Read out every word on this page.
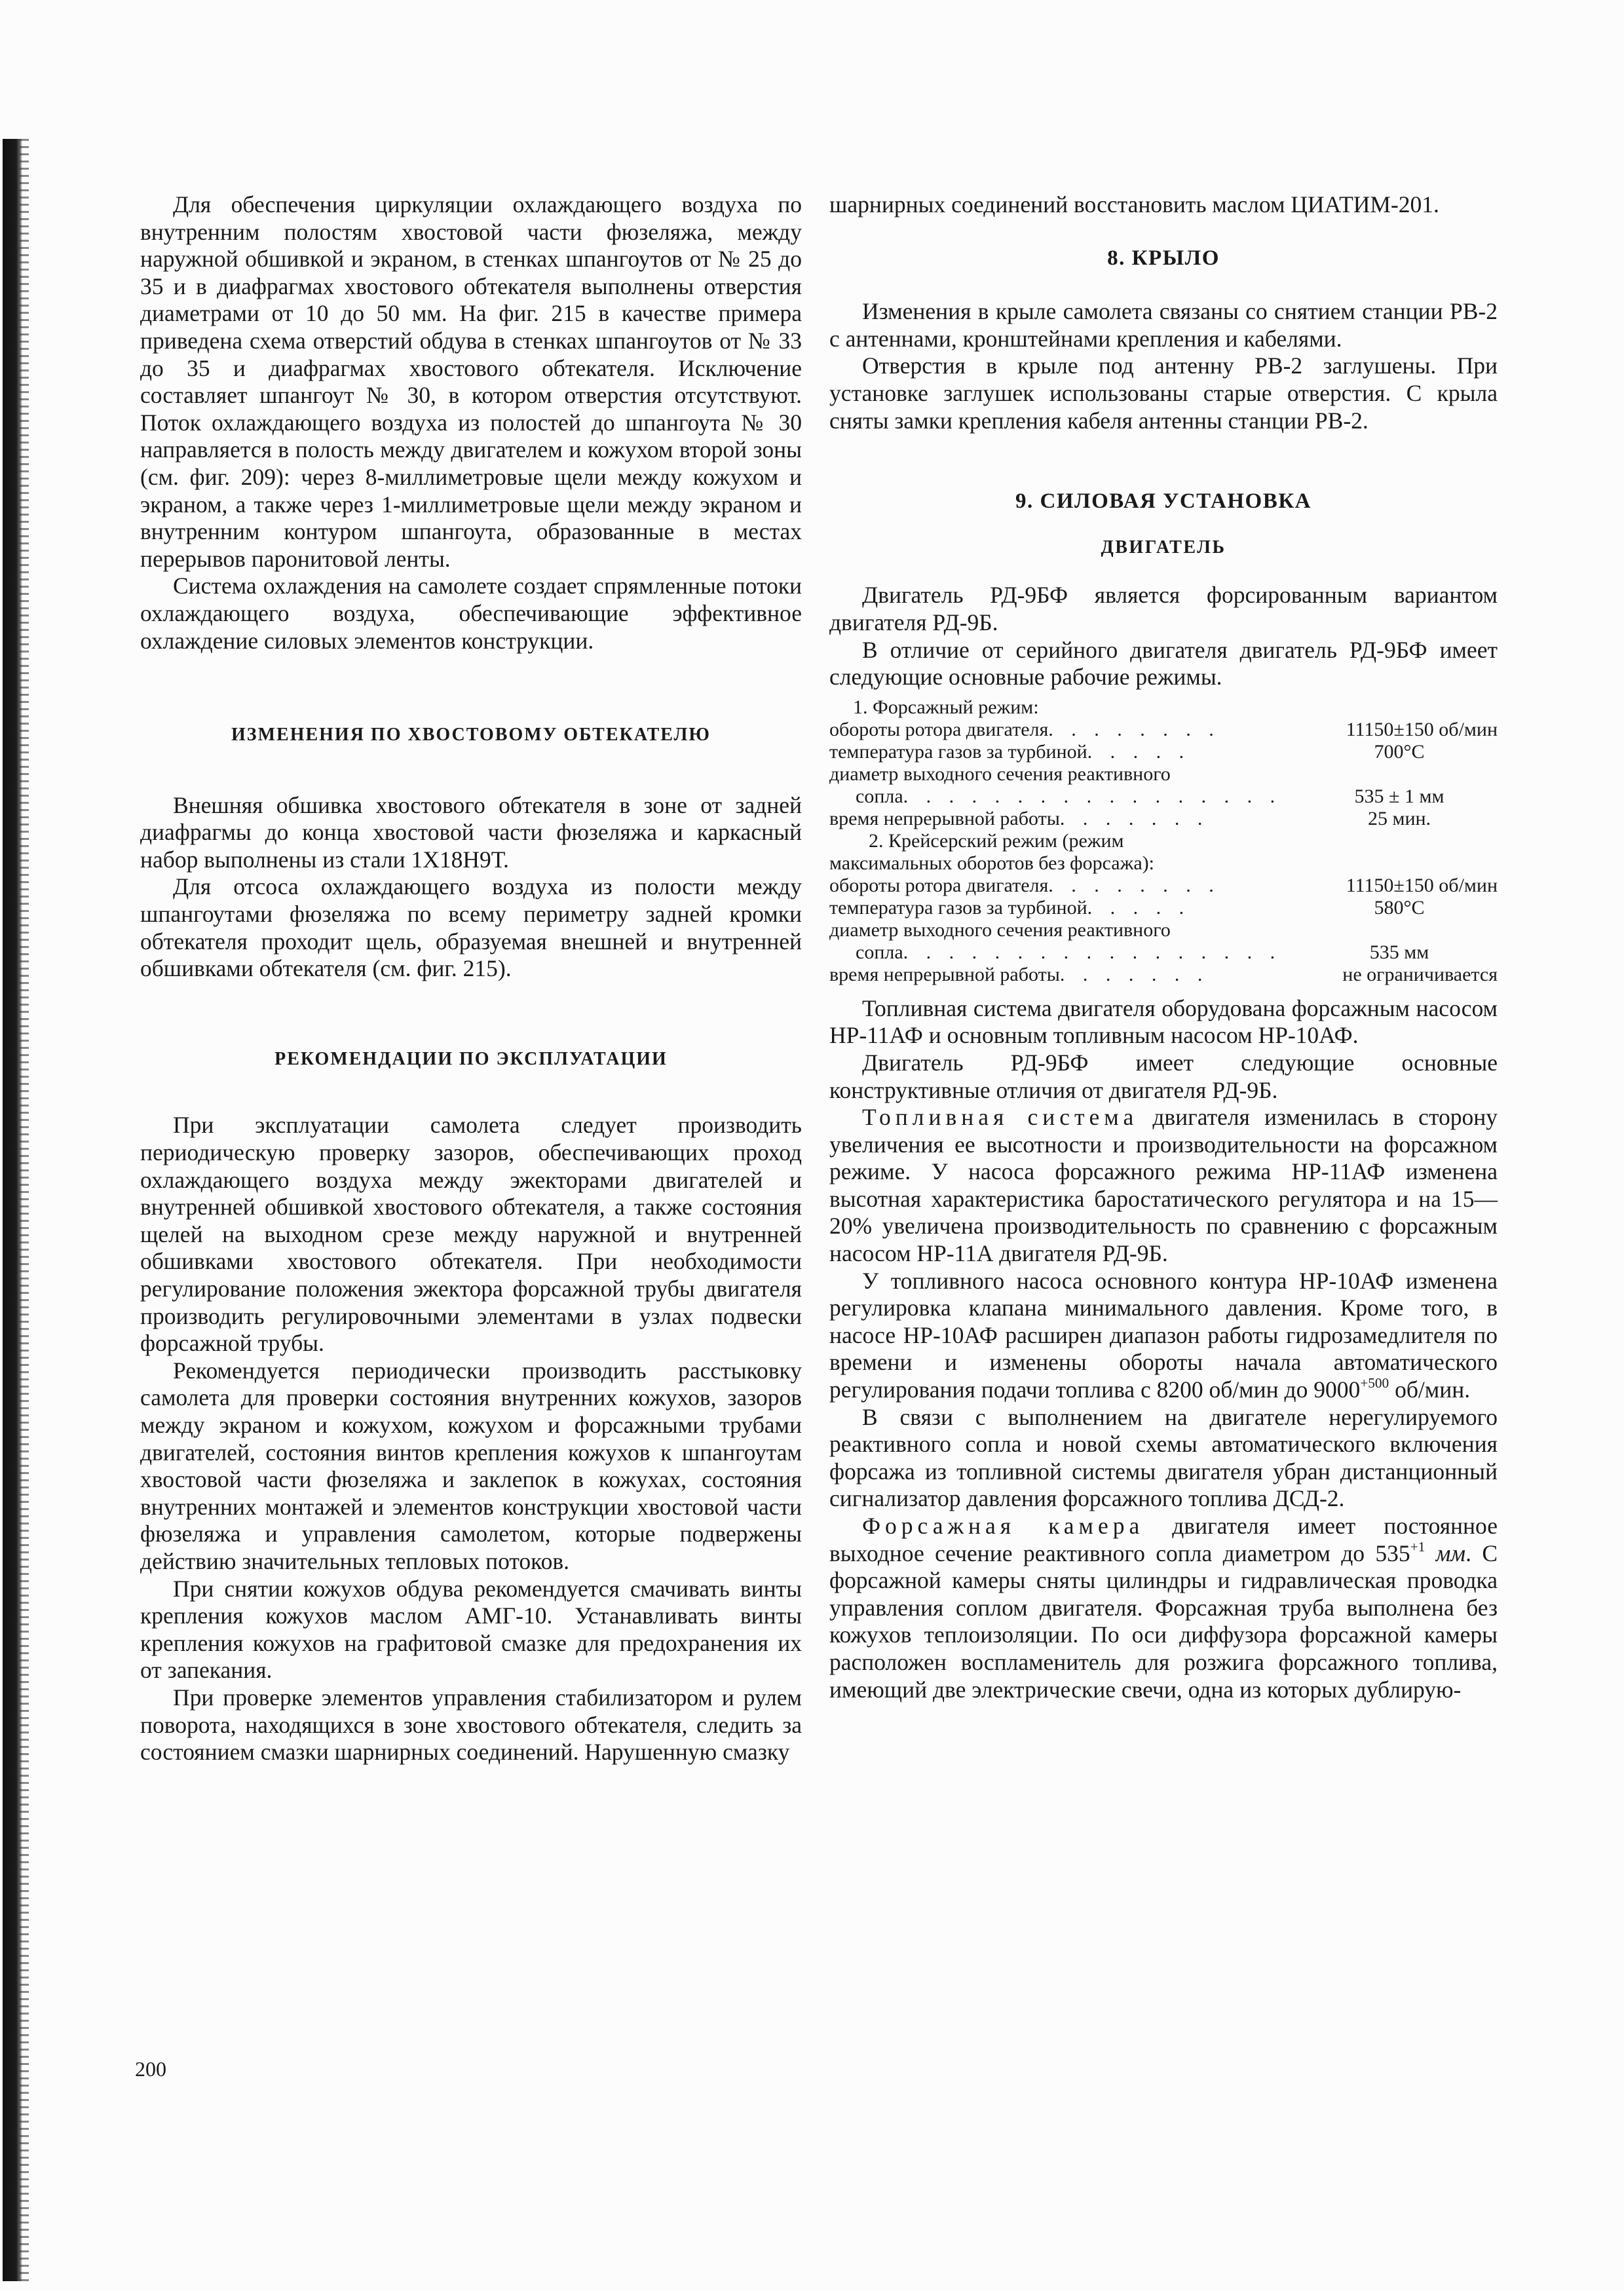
Для обеспечения циркуляции охлаждающего воздуха по внутренним полостям хвостовой части фюзеляжа, между наружной обшивкой и экраном, в стенках шпангоутов от № 25 до 35 и в диафрагмах хвостового обтекателя выполнены отверстия диаметрами от 10 до 50 мм. На фиг. 215 в качестве примера приведена схема отверстий обдува в стенках шпангоутов от № 33 до 35 и диафрагмах хвостового обтекателя. Исключение составляет шпангоут № 30, в котором отверстия отсутствуют. Поток охлаждающего воздуха из полостей до шпангоута № 30 направляется в полость между двигателем и кожухом второй зоны (см. фиг. 209): через 8-миллиметровые щели между кожухом и экраном, а также через 1-миллиметровые щели между экраном и внутренним контуром шпангоута, образованные в местах перерывов паронитовой ленты.

Система охлаждения на самолете создает спрямленные потоки охлаждающего воздуха, обеспечивающие эффективное охлаждение силовых элементов конструкции.

ИЗМЕНЕНИЯ ПО ХВОСТОВОМУ ОБТЕКАТЕЛЮ

Внешняя обшивка хвостового обтекателя в зоне от задней диафрагмы до конца хвостовой части фюзеляжа и каркасный набор выполнены из стали 1Х18Н9Т.

Для отсоса охлаждающего воздуха из полости между шпангоутами фюзеляжа по всему периметру задней кромки обтекателя проходит щель, образуемая внешней и внутренней обшивками обтекателя (см. фиг. 215).

РЕКОМЕНДАЦИИ ПО ЭКСПЛУАТАЦИИ

При эксплуатации самолета следует производить периодическую проверку зазоров, обеспечивающих проход охлаждающего воздуха между эжекторами двигателей и внутренней обшивкой хвостового обтекателя, а также состояния щелей на выходном срезе между наружной и внутренней обшивками хвостового обтекателя. При необходимости регулирование положения эжектора форсажной трубы двигателя производить регулировочными элементами в узлах подвески форсажной трубы.

Рекомендуется периодически производить расстыковку самолета для проверки состояния внутренних кожухов, зазоров между экраном и кожухом, кожухом и форсажными трубами двигателей, состояния винтов крепления кожухов к шпангоутам хвостовой части фюзеляжа и заклепок в кожухах, состояния внутренних монтажей и элементов конструкции хвостовой части фюзеляжа и управления самолетом, которые подвержены действию значительных тепловых потоков.

При снятии кожухов обдува рекомендуется смачивать винты крепления кожухов маслом АМГ-10. Устанавливать винты крепления кожухов на графитовой смазке для предохранения их от запекания.

При проверке элементов управления стабилизатором и рулем поворота, находящихся в зоне хвостового обтекателя, следить за состоянием смазки шарнирных соединений. Нарушенную смазку

шарнирных соединений восстановить маслом ЦИАТИМ-201.

8. КРЫЛО

Изменения в крыле самолета связаны со снятием станции РВ-2 с антеннами, кронштейнами крепления и кабелями.

Отверстия в крыле под антенну РВ-2 заглушены. При установке заглушек использованы старые отверстия. С крыла сняты замки крепления кабеля антенны станции РВ-2.

9. СИЛОВАЯ УСТАНОВКА
ДВИГАТЕЛЬ

Двигатель РД-9БФ является форсированным вариантом двигателя РД-9Б.

В отличие от серийного двигателя двигатель РД-9БФ имеет следующие основные рабочие режимы.

1. Форсажный режим:
обороты ротора двигателя . . . . . . . .	11150±150 об/мин
температура газов за турбиной . . . . .	700°C
диаметр выходного сечения реактивного
сопла . . . . . . . . . . . . . . . . .	535 ± 1 мм
время непрерывной работы . . . . . . .	25 мин.
2. Крейсерский режим (режим максимальных оборотов без форсажа):
обороты ротора двигателя . . . . . . . .	11150±150 об/мин
температура газов за турбиной . . . . .	580°C
диаметр выходного сечения реактивного
сопла . . . . . . . . . . . . . . . . .	535 мм
время непрерывной работы . . . . . . .	не ограничивается

Топливная система двигателя оборудована форсажным насосом НР-11АФ и основным топливным насосом НР-10АФ.

Двигатель РД-9БФ имеет следующие основные конструктивные отличия от двигателя РД-9Б.

Топливная система двигателя изменилась в сторону увеличения ее высотности и производительности на форсажном режиме. У насоса форсажного режима НР-11АФ изменена высотная характеристика баростатического регулятора и на 15—20% увеличена производительность по сравнению с форсажным насосом НР-11А двигателя РД-9Б.

У топливного насоса основного контура НР-10АФ изменена регулировка клапана минимального давления. Кроме того, в насосе НР-10АФ расширен диапазон работы гидрозамедлителя по времени и изменены обороты начала автоматического регулирования подачи топлива с 8200 об/мин до $9000^{+500}$ об/мин.

В связи с выполнением на двигателе нерегулируемого реактивного сопла и новой схемы автоматического включения форсажа из топливной системы двигателя убран дистанционный сигнализатор давления форсажного топлива ДСД-2.

Форсажная камера двигателя имеет постоянное выходное сечение реактивного сопла диаметром до $535^{+1}$ мм. С форсажной камеры сняты цилиндры и гидравлическая проводка управления соплом двигателя. Форсажная труба выполнена без кожухов теплоизоляции. По оси диффузора форсажной камеры расположен воспламенитель для розжига форсажного топлива, имеющий две электрические свечи, одна из которых дублирую-

200
